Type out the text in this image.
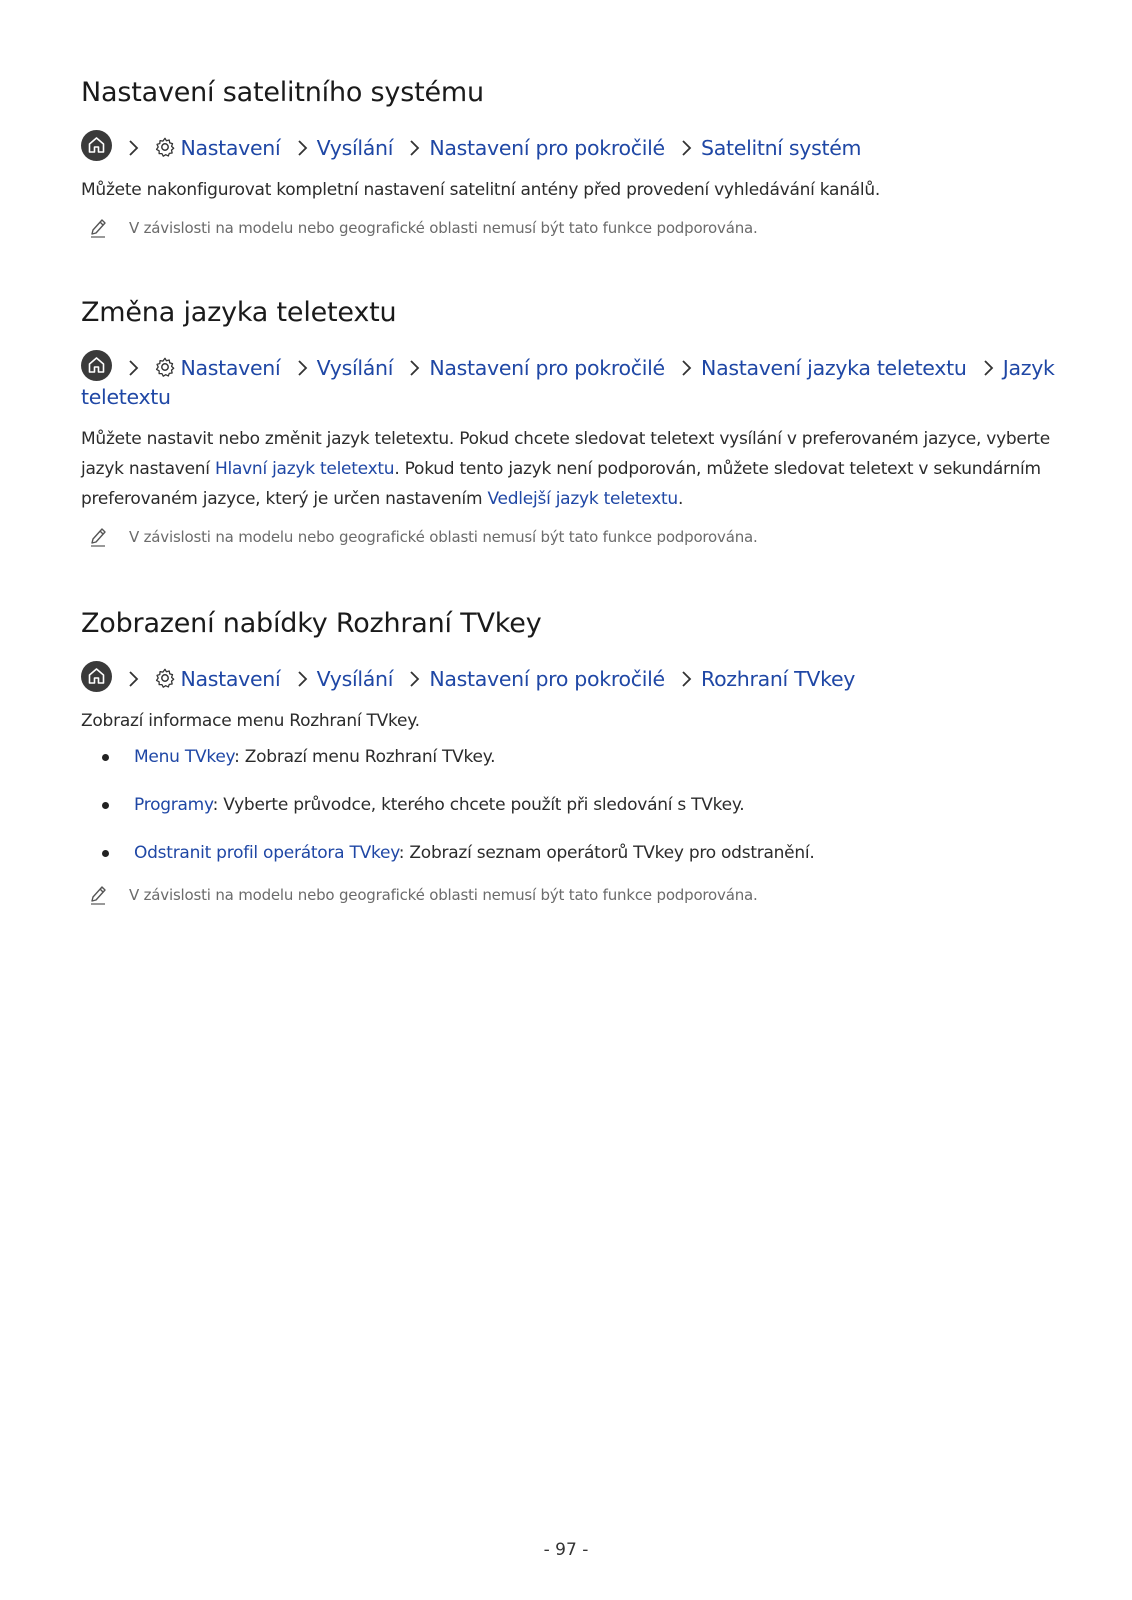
Nastavení satelitního systému
Nastavení Vysílání Nastavení pro pokročilé Satelitní systém
Můžete nakonfigurovat kompletní nastavení satelitní antény před provedení vyhledávání kanálů.
V závislosti na modelu nebo geografické oblasti nemusí být tato funkce podporována.
Změna jazyka teletextu
Nastavení Vysílání Nastavení pro pokročilé Nastavení jazyka teletextu Jazyk teletextu
Můžete nastavit nebo změnit jazyk teletextu. Pokud chcete sledovat teletext vysílání v preferovaném jazyce, vyberte jazyk nastavení Hlavní jazyk teletextu. Pokud tento jazyk není podporován, můžete sledovat teletext v sekundárním preferovaném jazyce, který je určen nastavením Vedlejší jazyk teletextu.
V závislosti na modelu nebo geografické oblasti nemusí být tato funkce podporována.
Zobrazení nabídky Rozhraní TVkey
Nastavení Vysílání Nastavení pro pokročilé Rozhraní TVkey
Zobrazí informace menu Rozhraní TVkey.
Menu TVkey: Zobrazí menu Rozhraní TVkey.
Programy: Vyberte průvodce, kterého chcete použít při sledování s TVkey.
Odstranit profil operátora TVkey: Zobrazí seznam operátorů TVkey pro odstranění.
V závislosti na modelu nebo geografické oblasti nemusí být tato funkce podporována.
- 97 -
